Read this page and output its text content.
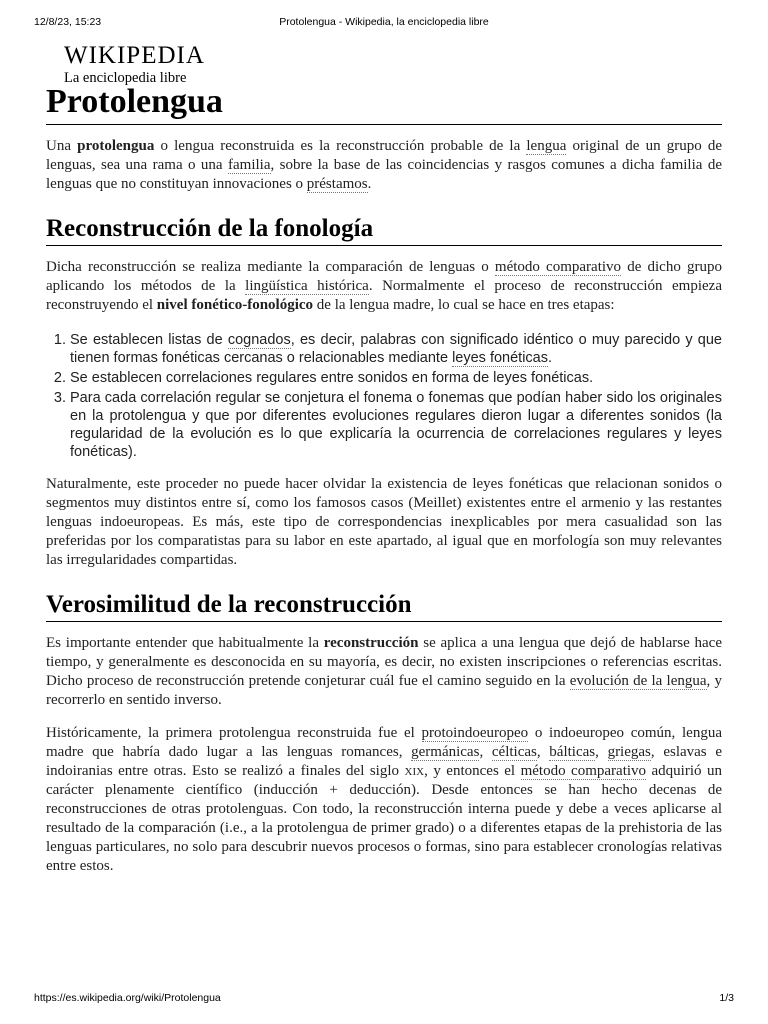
12/8/23, 15:23	Protolengua - Wikipedia, la enciclopedia libre
WIKIPEDIA
La enciclopedia libre
Protolengua

Una protolengua o lengua reconstruida es la reconstrucción probable de la lengua original de un grupo de lenguas, sea una rama o una familia, sobre la base de las coincidencias y rasgos comunes a dicha familia de lenguas que no constituyan innovaciones o préstamos.

Reconstrucción de la fonología

Dicha reconstrucción se realiza mediante la comparación de lenguas o método comparativo de dicho grupo aplicando los métodos de la lingüística histórica. Normalmente el proceso de reconstrucción empieza reconstruyendo el nivel fonético-fonológico de la lengua madre, lo cual se hace en tres etapas:

1. Se establecen listas de cognados, es decir, palabras con significado idéntico o muy parecido y que tienen formas fonéticas cercanas o relacionables mediante leyes fonéticas.
2. Se establecen correlaciones regulares entre sonidos en forma de leyes fonéticas.
3. Para cada correlación regular se conjetura el fonema o fonemas que podían haber sido los originales en la protolengua y que por diferentes evoluciones regulares dieron lugar a diferentes sonidos (la regularidad de la evolución es lo que explicaría la ocurrencia de correlaciones regulares y leyes fonéticas).

Naturalmente, este proceder no puede hacer olvidar la existencia de leyes fonéticas que relacionan sonidos o segmentos muy distintos entre sí, como los famosos casos (Meillet) existentes entre el armenio y las restantes lenguas indoeuropeas. Es más, este tipo de correspondencias inexplicables por mera casualidad son las preferidas por los comparatistas para su labor en este apartado, al igual que en morfología son muy relevantes las irregularidades compartidas.

Verosimilitud de la reconstrucción

Es importante entender que habitualmente la reconstrucción se aplica a una lengua que dejó de hablarse hace tiempo, y generalmente es desconocida en su mayoría, es decir, no existen inscripciones o referencias escritas. Dicho proceso de reconstrucción pretende conjeturar cuál fue el camino seguido en la evolución de la lengua, y recorrerlo en sentido inverso.

Históricamente, la primera protolengua reconstruida fue el protoindoeuropeo o indoeuropeo común, lengua madre que habría dado lugar a las lenguas romances, germánicas, célticas, bálticas, griegas, eslavas e indoiranias entre otras. Esto se realizó a finales del siglo xix, y entonces el método comparativo adquirió un carácter plenamente científico (inducción + deducción). Desde entonces se han hecho decenas de reconstrucciones de otras protolenguas. Con todo, la reconstrucción interna puede y debe a veces aplicarse al resultado de la comparación (i.e., a la protolengua de primer grado) o a diferentes etapas de la prehistoria de las lenguas particulares, no solo para descubrir nuevos procesos o formas, sino para establecer cronologías relativas entre estos.

https://es.wikipedia.org/wiki/Protolengua	1/3
